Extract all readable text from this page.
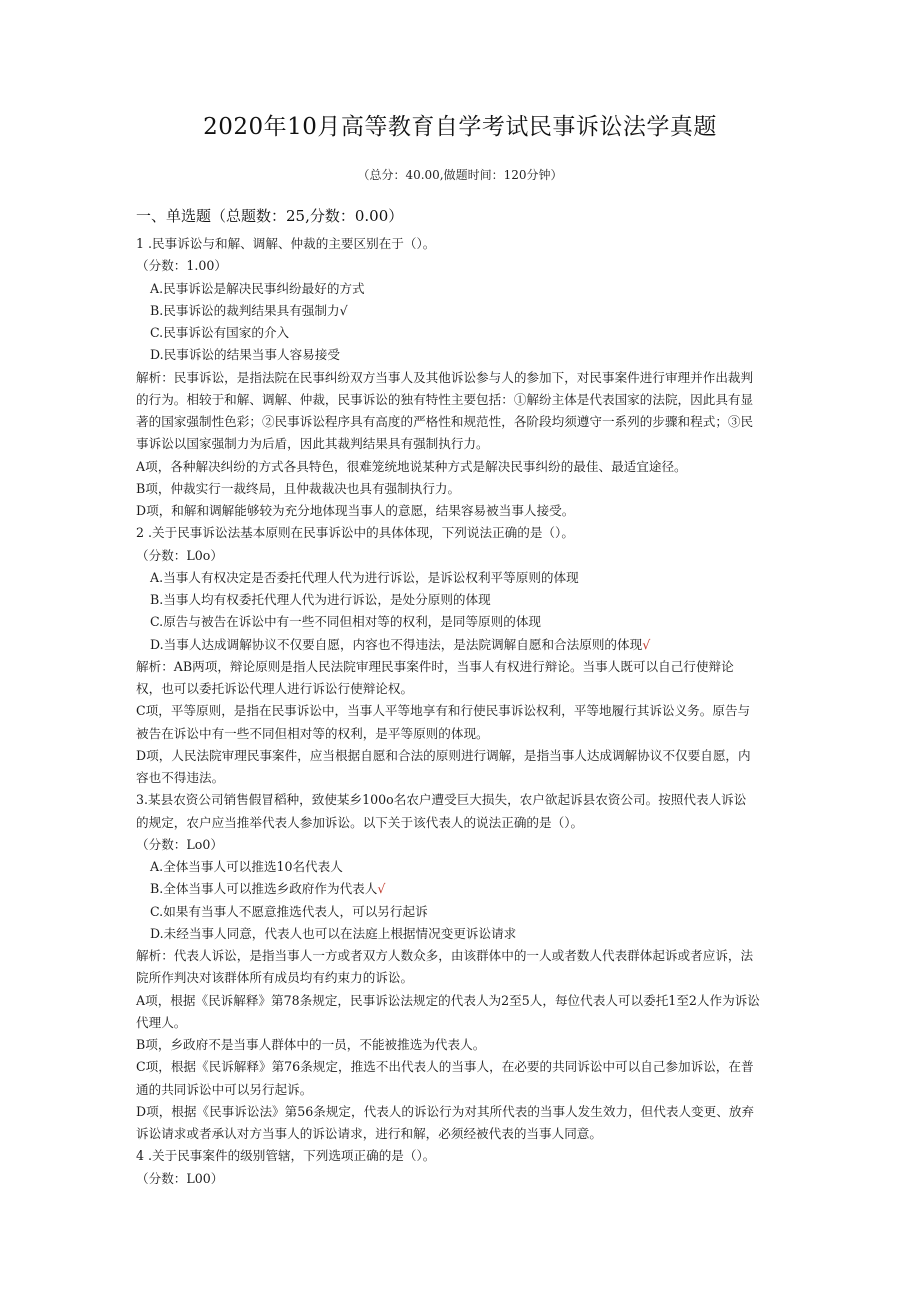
2020年10月高等教育自学考试民事诉讼法学真题
（总分：40.00,做题时间：120分钟）
一、单选题（总题数：25,分数：0.00）
1 .民事诉讼与和解、调解、仲裁的主要区别在于（）。
（分数：1.00）
A.民事诉讼是解决民事纠纷最好的方式
B.民事诉讼的裁判结果具有强制力√
C.民事诉讼有国家的介入
D.民事诉讼的结果当事人容易接受
解析：民事诉讼，是指法院在民事纠纷双方当事人及其他诉讼参与人的参加下，对民事案件进行审理并作出裁判
的行为。相较于和解、调解、仲裁，民事诉讼的独有特性主要包括：①解纷主体是代表国家的法院，因此具有显
著的国家强制性色彩；②民事诉讼程序具有高度的严格性和规范性，各阶段均须遵守一系列的步骤和程式；③民
事诉讼以国家强制力为后盾，因此其裁判结果具有强制执行力。
A项，各种解决纠纷的方式各具特色，很难笼统地说某种方式是解决民事纠纷的最佳、最适宜途径。
B项，仲裁实行一裁终局，且仲裁裁决也具有强制执行力。
D项，和解和调解能够较为充分地体现当事人的意愿，结果容易被当事人接受。
2 .关于民事诉讼法基本原则在民事诉讼中的具体体现，下列说法正确的是（）。
（分数：L0o）
A.当事人有权决定是否委托代理人代为进行诉讼，是诉讼权利平等原则的体现
B.当事人均有权委托代理人代为进行诉讼，是处分原则的体现
C.原告与被告在诉讼中有一些不同但相对等的权利，是同等原则的体现
D.当事人达成调解协议不仅要自愿，内容也不得违法，是法院调解自愿和合法原则的体现√
解析：AB两项，辩论原则是指人民法院审理民事案件时，当事人有权进行辩论。当事人既可以自己行使辩论
权，也可以委托诉讼代理人进行诉讼行使辩论权。
C项，平等原则，是指在民事诉讼中，当事人平等地享有和行使民事诉讼权利，平等地履行其诉讼义务。原告与
被告在诉讼中有一些不同但相对等的权利，是平等原则的体现。
D项，人民法院审理民事案件，应当根据自愿和合法的原则进行调解，是指当事人达成调解协议不仅要自愿，内
容也不得违法。
3.某县农资公司销售假冒稻种，致使某乡100o名农户遭受巨大损失，农户欲起诉县农资公司。按照代表人诉讼
的规定，农户应当推举代表人参加诉讼。以下关于该代表人的说法正确的是（）。
（分数：Lo0）
A.全体当事人可以推选10名代表人
B.全体当事人可以推选乡政府作为代表人√
C.如果有当事人不愿意推选代表人，可以另行起诉
D.未经当事人同意，代表人也可以在法庭上根据情况变更诉讼请求
解析：代表人诉讼，是指当事人一方或者双方人数众多，由该群体中的一人或者数人代表群体起诉或者应诉，法
院所作判决对该群体所有成员均有约束力的诉讼。
A项，根据《民诉解释》第78条规定，民事诉讼法规定的代表人为2至5人，每位代表人可以委托1至2人作为诉讼
代理人。
B项，乡政府不是当事人群体中的一员，不能被推选为代表人。
C项，根据《民诉解释》第76条规定，推选不出代表人的当事人，在必要的共同诉讼中可以自己参加诉讼，在普
通的共同诉讼中可以另行起诉。
D项，根据《民事诉讼法》第56条规定，代表人的诉讼行为对其所代表的当事人发生效力，但代表人变更、放弃
诉讼请求或者承认对方当事人的诉讼请求，进行和解，必须经被代表的当事人同意。
4 .关于民事案件的级别管辖，下列选项正确的是（）。
（分数：L00）
